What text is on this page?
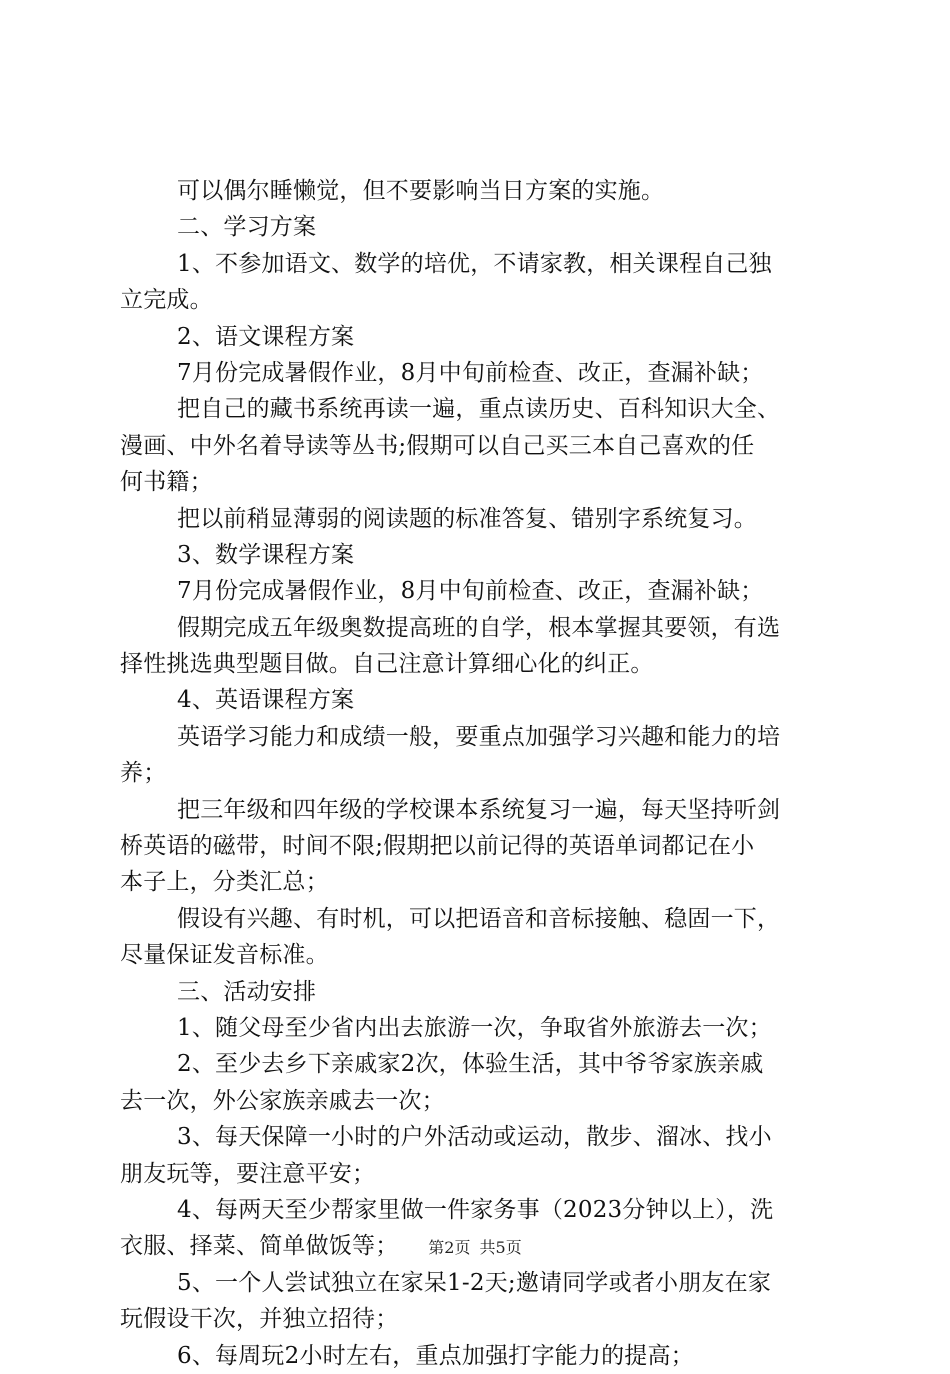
可以偶尔睡懒觉，但不要影响当日方案的实施。
二、学习方案
1、不参加语文、数学的培优，不请家教，相关课程自己独
立完成。
2、语文课程方案
7月份完成暑假作业，8月中旬前检查、改正，查漏补缺；
把自己的藏书系统再读一遍，重点读历史、百科知识大全、
漫画、中外名着导读等丛书;假期可以自己买三本自己喜欢的任
何书籍；
把以前稍显薄弱的阅读题的标准答复、错别字系统复习。
3、数学课程方案
7月份完成暑假作业，8月中旬前检查、改正，查漏补缺；
假期完成五年级奥数提高班的自学，根本掌握其要领，有选
择性挑选典型题目做。自己注意计算细心化的纠正。
4、英语课程方案
英语学习能力和成绩一般，要重点加强学习兴趣和能力的培
养；
把三年级和四年级的学校课本系统复习一遍，每天坚持听剑
桥英语的磁带，时间不限;假期把以前记得的英语单词都记在小
本子上，分类汇总；
假设有兴趣、有时机，可以把语音和音标接触、稳固一下，
尽量保证发音标准。
三、活动安排
1、随父母至少省内出去旅游一次，争取省外旅游去一次；
2、至少去乡下亲戚家2次，体验生活，其中爷爷家族亲戚
去一次，外公家族亲戚去一次；
3、每天保障一小时的户外活动或运动，散步、溜冰、找小
朋友玩等，要注意平安；
4、每两天至少帮家里做一件家务事（2023分钟以上），洗
衣服、择菜、简单做饭等；
5、一个人尝试独立在家呆1-2天;邀请同学或者小朋友在家
玩假设干次，并独立招待；
6、每周玩2小时左右，重点加强打字能力的提高；
第2页 共5页
